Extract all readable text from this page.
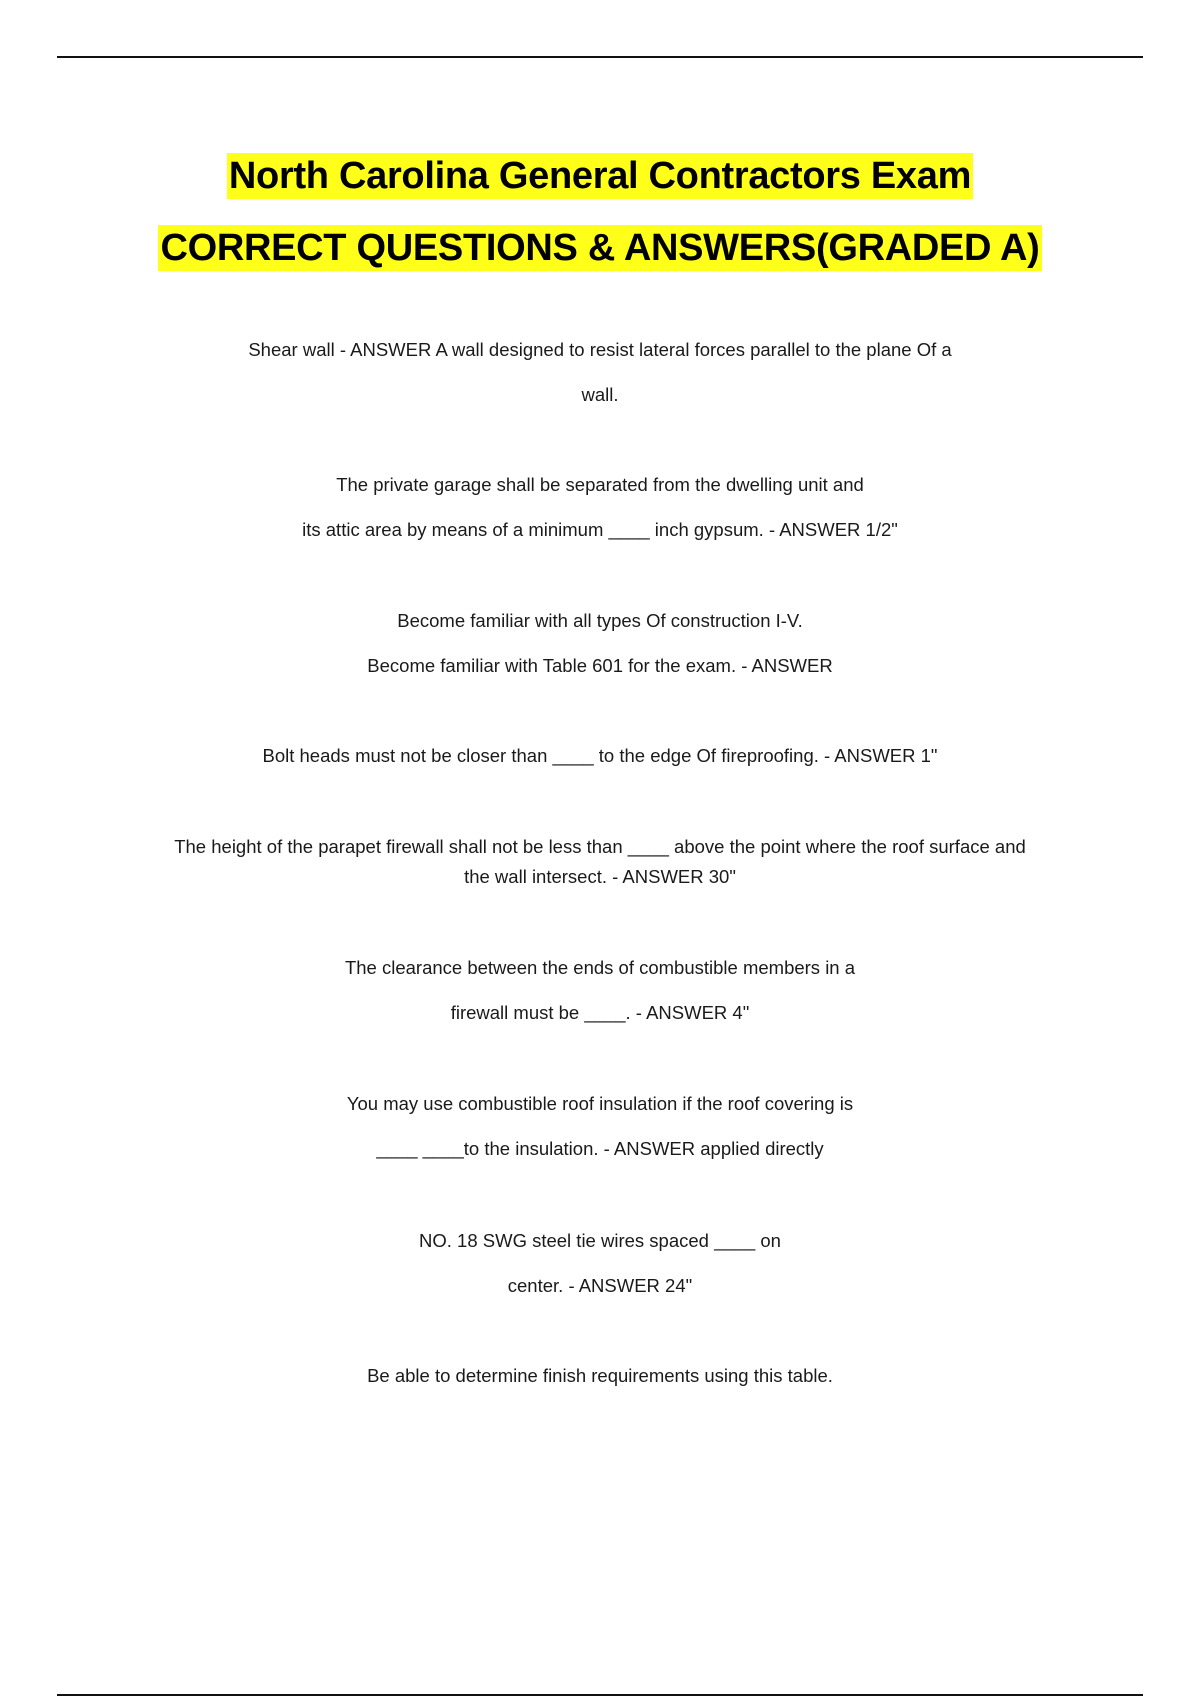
North Carolina General Contractors Exam
CORRECT QUESTIONS & ANSWERS(GRADED A)
Shear wall - ANSWER A wall designed to resist lateral forces parallel to the plane Of a
wall.
The private garage shall be separated from the dwelling unit and
its attic area by means of a minimum ____ inch gypsum. - ANSWER 1/2"
Become familiar with all types Of construction I-V.
Become familiar with Table 601 for the exam. - ANSWER
Bolt heads must not be closer than ____ to the edge Of fireproofing. - ANSWER 1"
The height of the parapet firewall shall not be less than ____ above the point where the roof surface and
the wall intersect. - ANSWER 30"
The clearance between the ends of combustible members in a
firewall must be ____. - ANSWER 4"
You may use combustible roof insulation if the roof covering is
____ ____to the insulation. - ANSWER applied directly
NO. 18 SWG steel tie wires spaced ____ on
center. - ANSWER 24"
Be able to determine finish requirements using this table.
